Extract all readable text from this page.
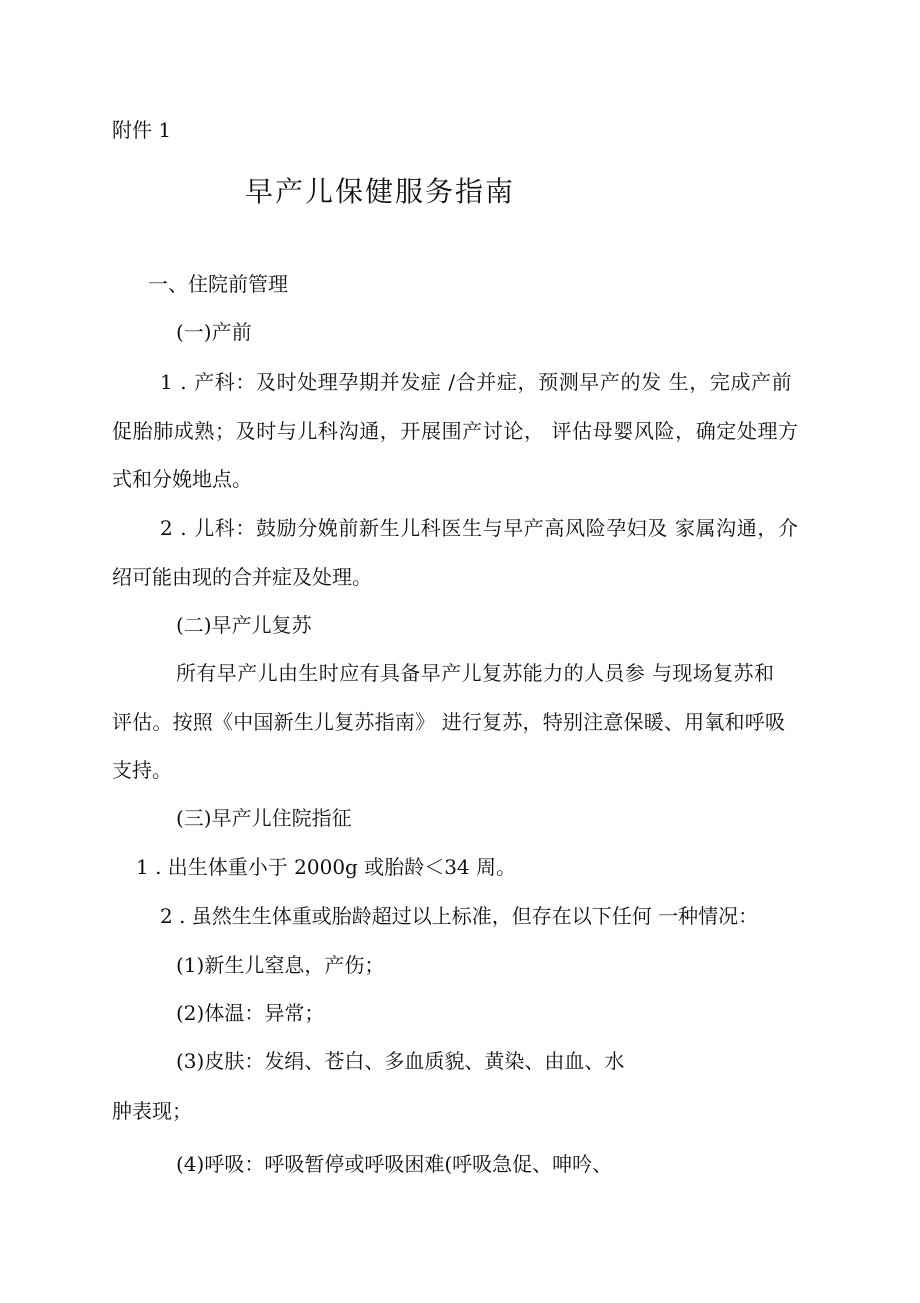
附件 1
早产儿保健服务指南
一、住院前管理
(一)产前
1 . 产科：及时处理孕期并发症 /合并症，预测早产的发 生，完成产前
促胎肺成熟；及时与儿科沟通，开展围产讨论， 评估母婴风险，确定处理方
式和分娩地点。
2 . 儿科：鼓励分娩前新生儿科医生与早产高风险孕妇及 家属沟通，介
绍可能由现的合并症及处理。
(二)早产儿复苏
所有早产儿由生时应有具备早产儿复苏能力的人员参 与现场复苏和
评估。按照《中国新生儿复苏指南》 进行复苏，特别注意保暖、用氧和呼吸
支持。
(三)早产儿住院指征
1 . 出生体重小于 2000g 或胎龄＜34 周。
2 . 虽然生生体重或胎龄超过以上标准，但存在以下任何 一种情况：
(1)新生儿窒息，产伤；
(2)体温：异常；
(3)皮肤：发绢、苍白、多血质貌、黄染、由血、水
肿表现；
(4)呼吸：呼吸暂停或呼吸困难(呼吸急促、呻吟、
